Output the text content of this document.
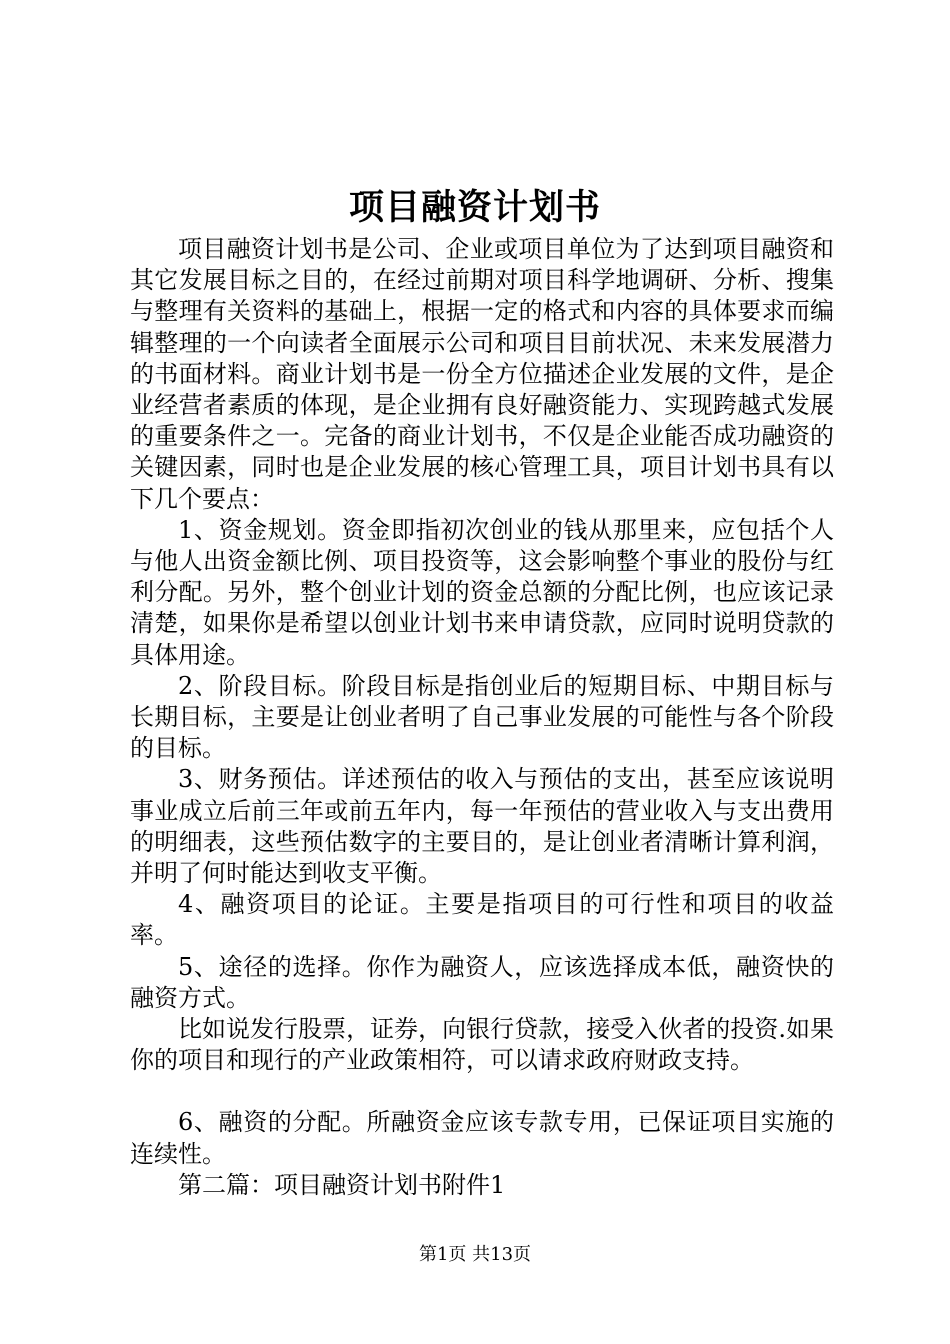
项目融资计划书

项目融资计划书是公司、企业或项目单位为了达到项目融资和其它发展目标之目的，在经过前期对项目科学地调研、分析、搜集与整理有关资料的基础上，根据一定的格式和内容的具体要求而编辑整理的一个向读者全面展示公司和项目目前状况、未来发展潜力的书面材料。商业计划书是一份全方位描述企业发展的文件，是企业经营者素质的体现，是企业拥有良好融资能力、实现跨越式发展的重要条件之一。完备的商业计划书，不仅是企业能否成功融资的关键因素，同时也是企业发展的核心管理工具，项目计划书具有以下几个要点：

1、资金规划。资金即指初次创业的钱从那里来，应包括个人与他人出资金额比例、项目投资等，这会影响整个事业的股份与红利分配。另外，整个创业计划的资金总额的分配比例，也应该记录清楚，如果你是希望以创业计划书来申请贷款，应同时说明贷款的具体用途。

2、阶段目标。阶段目标是指创业后的短期目标、中期目标与长期目标，主要是让创业者明了自己事业发展的可能性与各个阶段的目标。

3、财务预估。详述预估的收入与预估的支出，甚至应该说明事业成立后前三年或前五年内，每一年预估的营业收入与支出费用的明细表，这些预估数字的主要目的，是让创业者清晰计算利润，并明了何时能达到收支平衡。

4、融资项目的论证。主要是指项目的可行性和项目的收益率。

5、途径的选择。你作为融资人，应该选择成本低，融资快的融资方式。

比如说发行股票，证券，向银行贷款，接受入伙者的投资.如果你的项目和现行的产业政策相符，可以请求政府财政支持。

6、融资的分配。所融资金应该专款专用，已保证项目实施的连续性。

第二篇：项目融资计划书附件1

第1页 共13页
